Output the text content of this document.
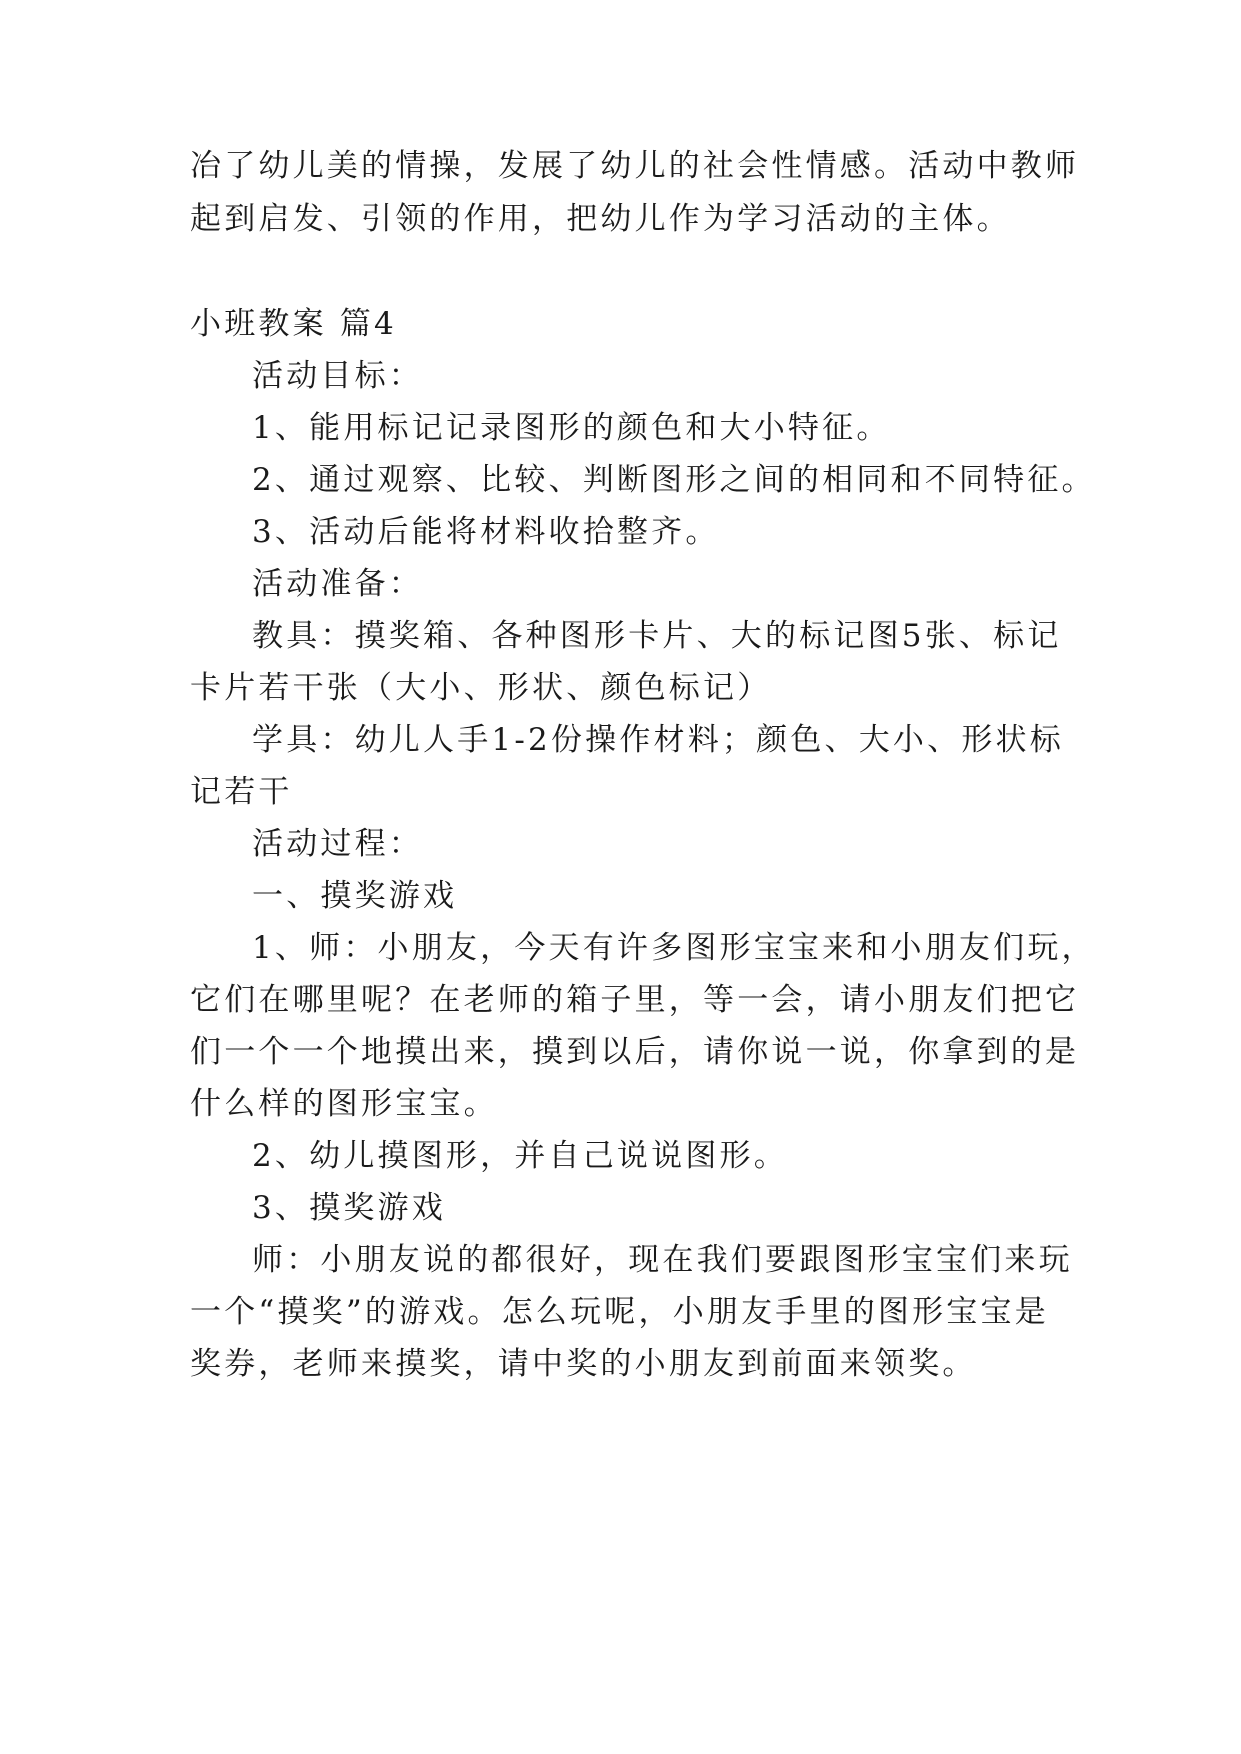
冶了幼儿美的情操，发展了幼儿的社会性情感。活动中教师
起到启发、引领的作用，把幼儿作为学习活动的主体。
小班教案 篇4
活动目标：
1、能用标记记录图形的颜色和大小特征。
2、通过观察、比较、判断图形之间的相同和不同特征。
3、活动后能将材料收拾整齐。
活动准备：
教具：摸奖箱、各种图形卡片、大的标记图5张、标记
卡片若干张（大小、形状、颜色标记）
学具：幼儿人手1-2份操作材料；颜色、大小、形状标
记若干
活动过程：
一、摸奖游戏
1、师：小朋友，今天有许多图形宝宝来和小朋友们玩，
它们在哪里呢？在老师的箱子里，等一会，请小朋友们把它
们一个一个地摸出来，摸到以后，请你说一说，你拿到的是
什么样的图形宝宝。
2、幼儿摸图形，并自己说说图形。
3、摸奖游戏
师：小朋友说的都很好，现在我们要跟图形宝宝们来玩
一个“摸奖”的游戏。怎么玩呢，小朋友手里的图形宝宝是
奖券，老师来摸奖，请中奖的小朋友到前面来领奖。
